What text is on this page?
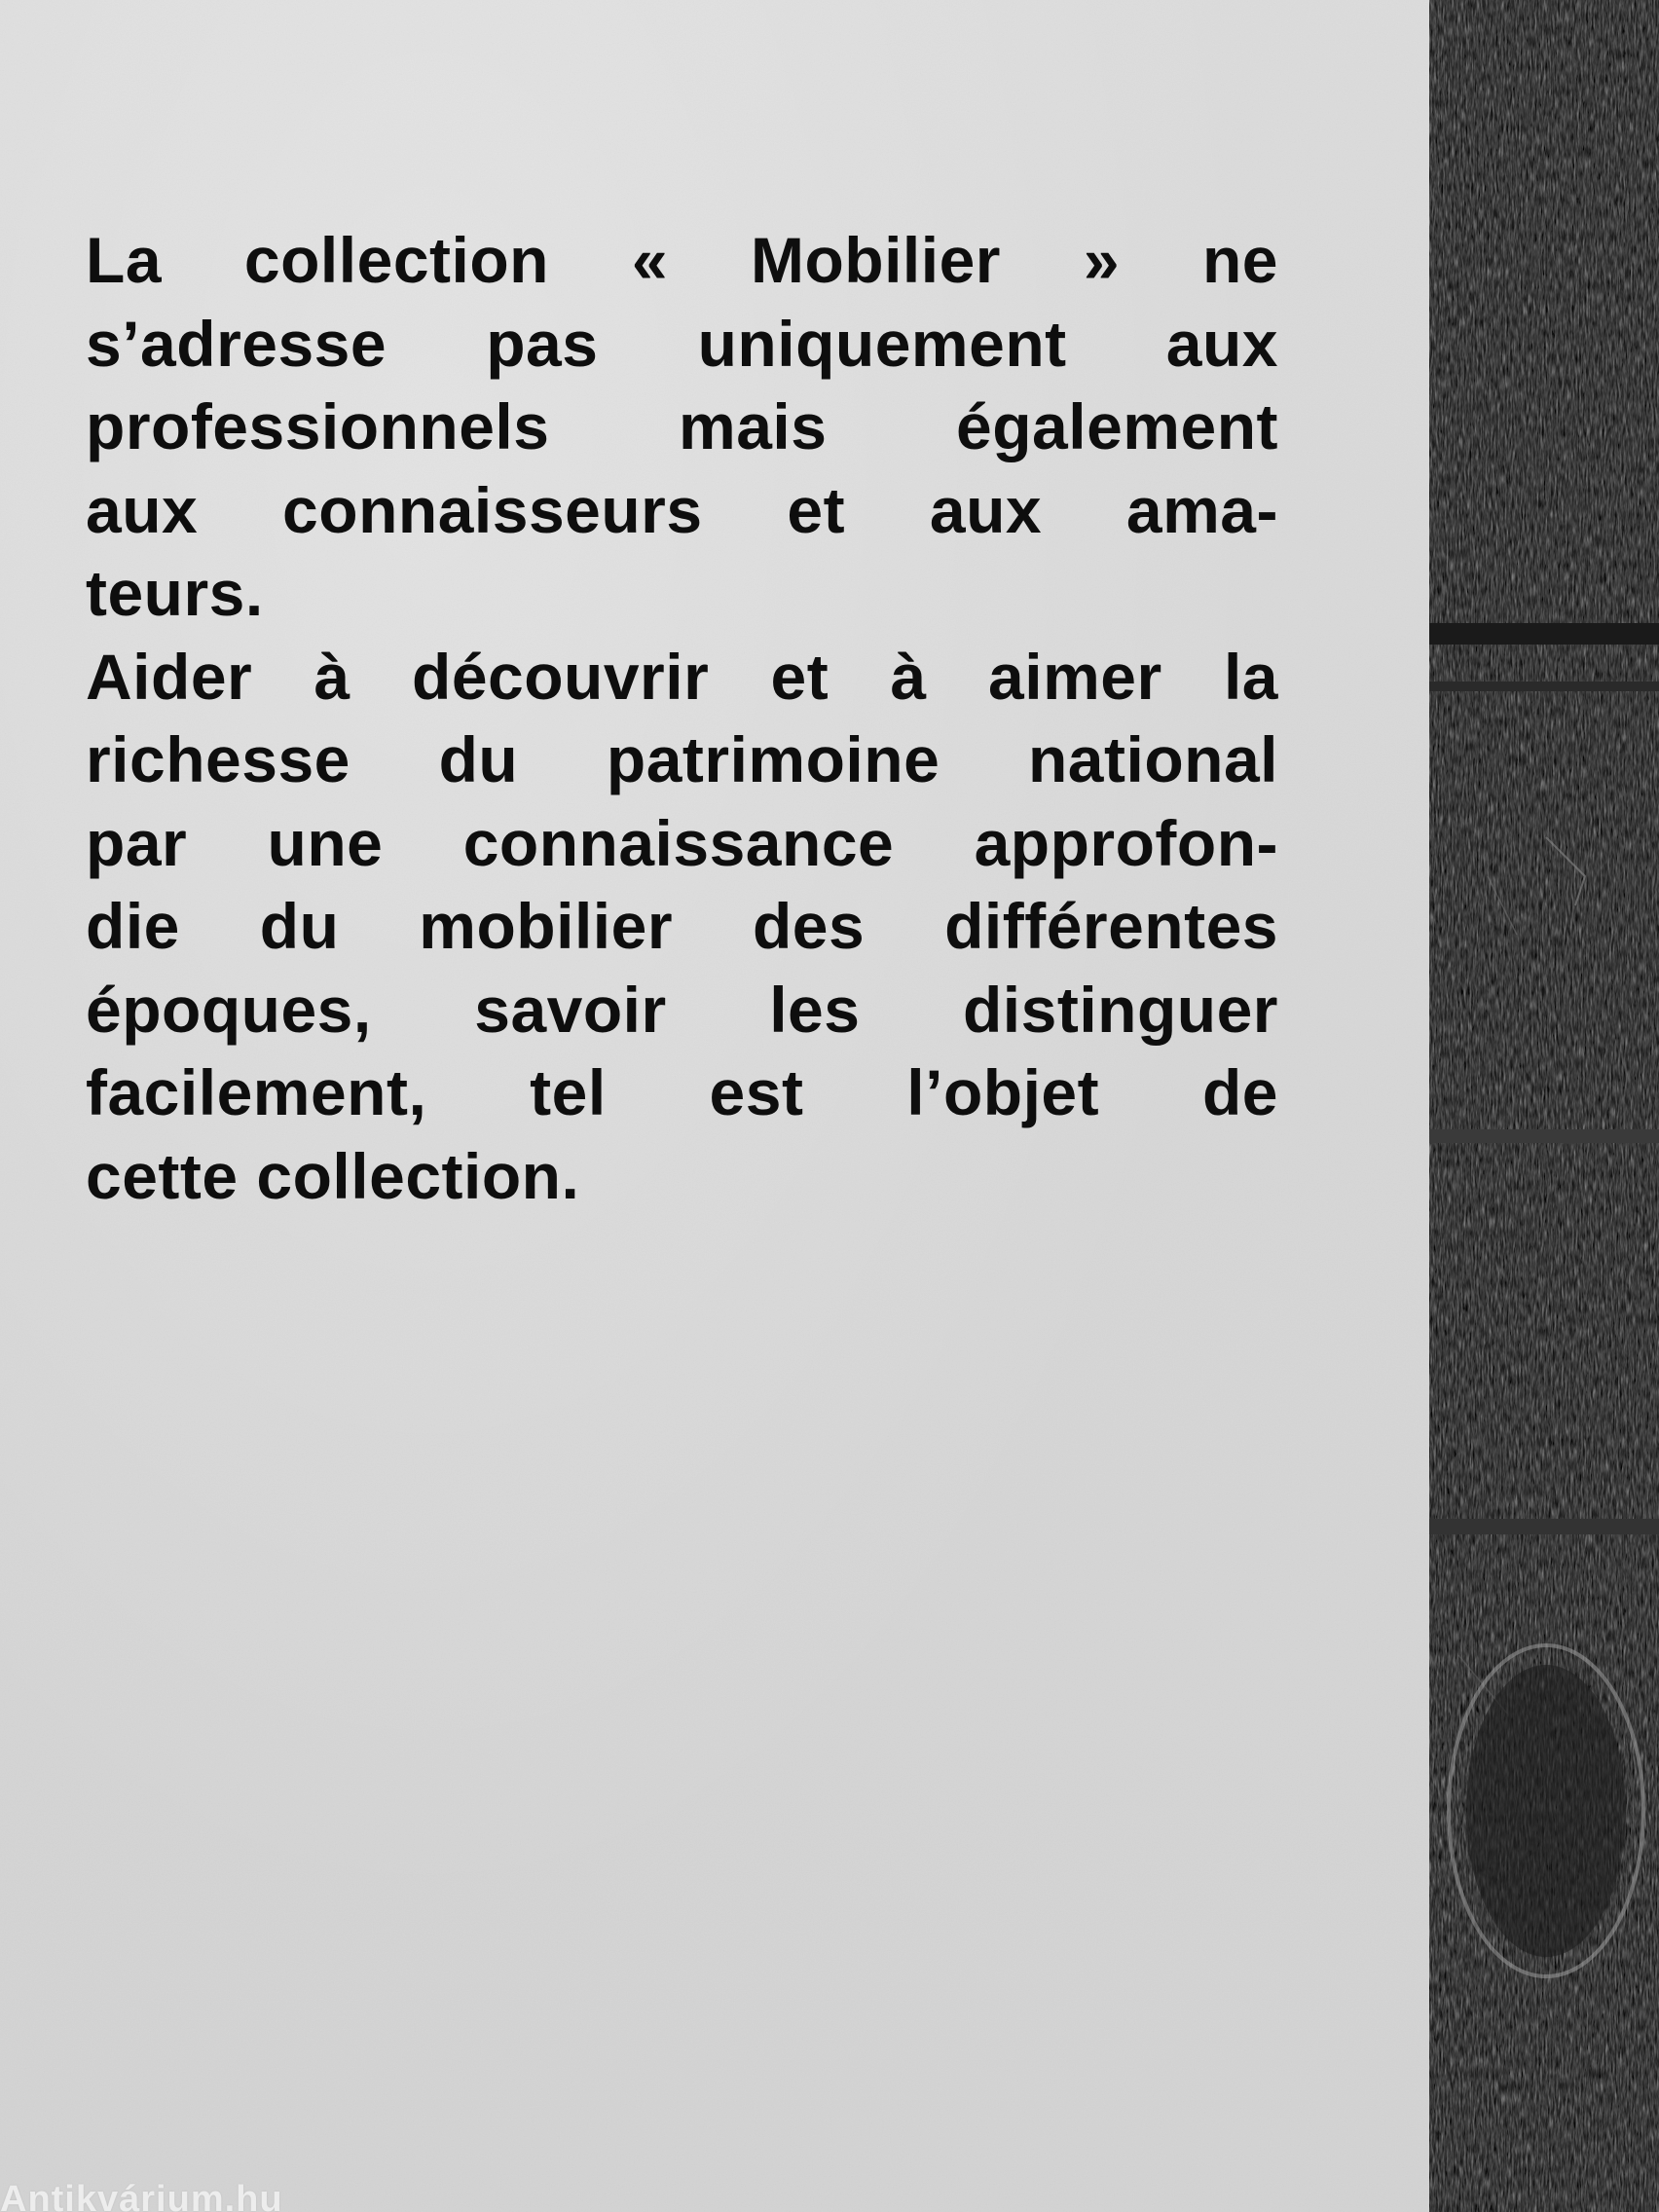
La collection « Mobilier » ne
s’adresse pas uniquement aux
professionnels mais également
aux connaisseurs et aux ama-
teurs.
Aider à découvrir et à aimer la
richesse du patrimoine national
par une connaissance approfon-
die du mobilier des différentes
époques, savoir les distinguer
facilement, tel est l’objet de
cette collection.
Antikvárium.hu
